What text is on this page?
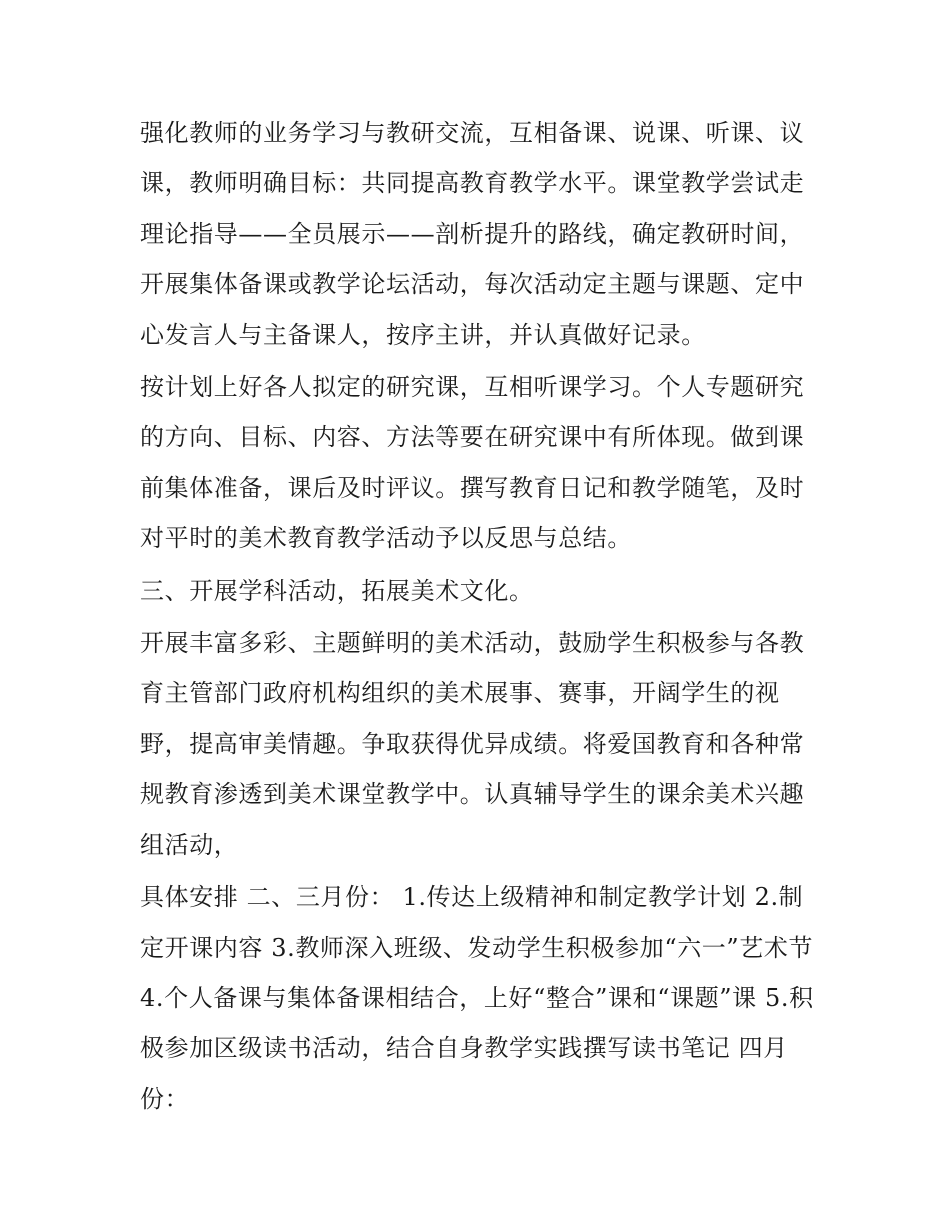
强化教师的业务学习与教研交流，互相备课、说课、听课、议

课，教师明确目标：共同提高教育教学水平。课堂教学尝试走

理论指导——全员展示——剖析提升的路线，确定教研时间，

开展集体备课或教学论坛活动，每次活动定主题与课题、定中

心发言人与主备课人，按序主讲，并认真做好记录。

按计划上好各人拟定的研究课，互相听课学习。个人专题研究

的方向、目标、内容、方法等要在研究课中有所体现。做到课

前集体准备，课后及时评议。撰写教育日记和教学随笔，及时

对平时的美术教育教学活动予以反思与总结。

三、开展学科活动，拓展美术文化。

开展丰富多彩、主题鲜明的美术活动，鼓励学生积极参与各教

育主管部门政府机构组织的美术展事、赛事，开阔学生的视

野，提高审美情趣。争取获得优异成绩。将爱国教育和各种常

规教育渗透到美术课堂教学中。认真辅导学生的课余美术兴趣

组活动，

具体安排 二、三月份： 1.传达上级精神和制定教学计划 2.制

定开课内容 3.教师深入班级、发动学生积极参加“六一”艺术节

4.个人备课与集体备课相结合，上好“整合”课和“课题”课 5.积

极参加区级读书活动，结合自身教学实践撰写读书笔记 四月

份：
